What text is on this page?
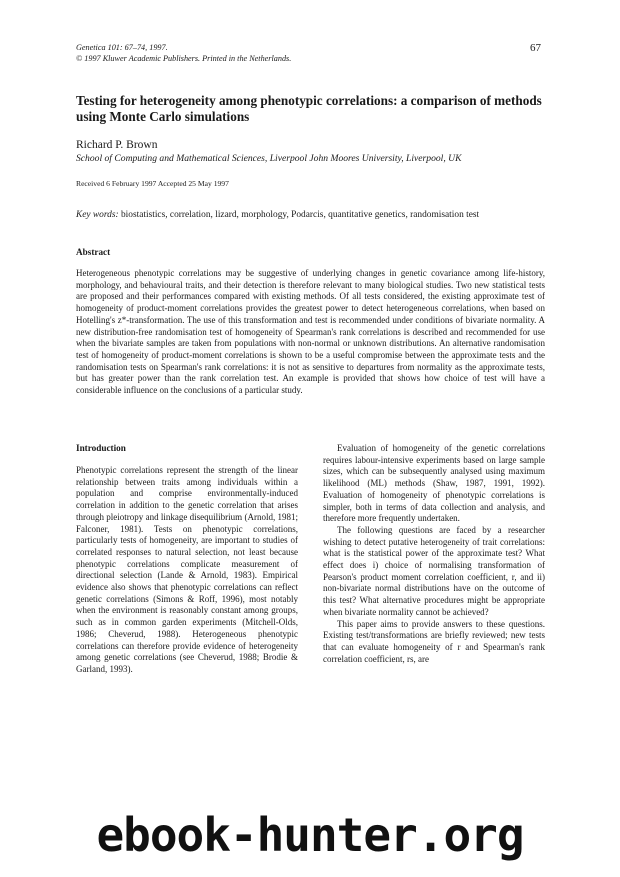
Genetica 101: 67–74, 1997.
© 1997 Kluwer Academic Publishers. Printed in the Netherlands.
67
Testing for heterogeneity among phenotypic correlations: a comparison of methods using Monte Carlo simulations
Richard P. Brown
School of Computing and Mathematical Sciences, Liverpool John Moores University, Liverpool, UK
Received 6 February 1997 Accepted 25 May 1997
Key words: biostatistics, correlation, lizard, morphology, Podarcis, quantitative genetics, randomisation test
Abstract

Heterogeneous phenotypic correlations may be suggestive of underlying changes in genetic covariance among life-history, morphology, and behavioural traits, and their detection is therefore relevant to many biological studies. Two new statistical tests are proposed and their performances compared with existing methods. Of all tests considered, the existing approximate test of homogeneity of product-moment correlations provides the greatest power to detect heterogeneous correlations, when based on Hotelling's z*-transformation. The use of this transformation and test is recommended under conditions of bivariate normality. A new distribution-free randomisation test of homogeneity of Spearman's rank correlations is described and recommended for use when the bivariate samples are taken from populations with non-normal or unknown distributions. An alternative randomisation test of homogeneity of product-moment correlations is shown to be a useful compromise between the approximate tests and the randomisation tests on Spearman's rank correlations: it is not as sensitive to departures from normality as the approximate tests, but has greater power than the rank correlation test. An example is provided that shows how choice of test will have a considerable influence on the conclusions of a particular study.

Introduction

Phenotypic correlations represent the strength of the linear relationship between traits among individuals within a population and comprise environmentally-induced correlation in addition to the genetic correlation that arises through pleiotropy and linkage disequilibrium (Arnold, 1981; Falconer, 1981). Tests on phenotypic correlations, particularly tests of homogeneity, are important to studies of correlated responses to natural selection, not least because phenotypic correlations complicate measurement of directional selection (Lande & Arnold, 1983). Empirical evidence also shows that phenotypic correlations can reflect genetic correlations (Simons & Roff, 1996), most notably when the environment is reasonably constant among groups, such as in common garden experiments (Mitchell-Olds, 1986; Cheverud, 1988). Heterogeneous phenotypic correlations can therefore provide evidence of heterogeneity among genetic correlations (see Cheverud, 1988; Brodie & Garland, 1993).

Evaluation of homogeneity of the genetic correlations requires labour-intensive experiments based on large sample sizes, which can be subsequently analysed using maximum likelihood (ML) methods (Shaw, 1987, 1991, 1992). Evaluation of homogeneity of phenotypic correlations is simpler, both in terms of data collection and analysis, and therefore more frequently undertaken.

The following questions are faced by a researcher wishing to detect putative heterogeneity of trait correlations: what is the statistical power of the approximate test? What effect does i) choice of normalising transformation of Pearson's product moment correlation coefficient, r, and ii) non-bivariate normal distributions have on the outcome of this test? What alternative procedures might be appropriate when bivariate normality cannot be achieved?

This paper aims to provide answers to these questions. Existing test/transformations are briefly reviewed; new tests that can evaluate homogeneity of r and Spearman's rank correlation coefficient, rs, are

ebook-hunter.org
